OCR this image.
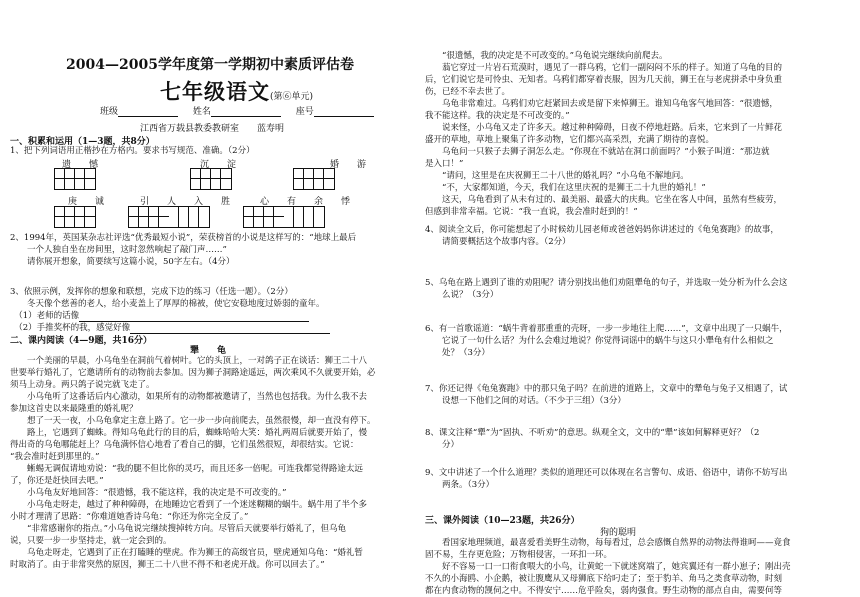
2004—2005学年度第一学期初中素质评估卷
七年级语文(第⑥单元)
班级	姓名	座号
江西省万载县教委教研室　　蓝寿明
一、积累和运用（1—3题，共8分）
1、把下列词语用正楷抄在方格内。要求书写规范、准确。（2分）
遗　　憾	沉　　淀	婚　　游
庚　　诚	引　　人　　入　　胜	心　　有　　余　　悸
2、1994年，英国某杂志社评选“优秀最短小说”，荣获榜首的小说是这样写的：“地球上最后
　　一个人独自坐在房间里，这时忽然响起了敲门声……”
　　请你展开想象，简要续写这篇小说，50字左右。（4分）
3、依照示例，发挥你的想象和联想，完成下边的练习（任选一题）。（2分）
　　冬天像个慈善的老人，给小麦盖上了厚厚的棉被，使它安稳地度过娇弱的童年。
　（1）老师的话像
　（2）手推奖杯的我，感觉好像
二、课内阅读（4—9题，共16分）
犟　　龟
　　一个美丽的早晨，小乌龟坐在洞前气着树叶。它的头顶上，一对鸽子正在谈话：狮王二十八
世要举行婚礼了，它邀请所有的动物前去参加。因为狮子洞路途遥远，两次乘风不久就要开始，必
须马上动身。两只鸽子说完就飞走了。
　　小乌龟听了这番话后内心激动，如果所有的动物都被邀请了，当然也包括我。为什么我不去
参加这首史以来最隆重的婚礼呢？
　　想了一天一夜，小乌龟拿定主意上路了。它一步一步向前爬去，虽然很慢，却一直没有停下。
　　路上，它遇到了蜘蛛。得知乌龟此行的目的后，蜘蛛哈哈大笑：婚礼两周后就要开始了，慢
得出奇的乌龟哪能赶上？乌龟满怀信心地看了看自己的脚，它们虽然很短，却很结实。它说：
“我会准时赶到那里的。”
　　蜥蜴无调侃请地劝说：“我的腿不但比你的灵巧，而且还多一倍呢。可连我都觉得路途太远
了，你还是赶快回去吧。”
　　小乌龟友好地回答：“很遗憾，我不能这样，我的决定是不可改变的。”
　　小乌龟走呀走，越过了种种障碍，在地睡边它看到了一个迷迷糊糊的蜗牛。蜗牛用了半个多
小时才理清了思路：“你难道她香诗乌龟：“你还为你完全反了。”
　　“非常感谢你的指点。”小乌龟说完继续搜掉转方向。尽管后天就要举行婚礼了，但乌龟
说，只要一步一步坚持走，就一定会到的。
　　乌龟走呀走，它遇到了正在打瞌睡的壁虎。作为狮王的高级官员，壁虎通知乌龟：“婚礼暂
时取消了。由于非常突然的原因，狮王二十八世不得不和老虎开战。你可以回去了。”
　　“很遗憾，我的决定是不可改变的。”乌龟说完继续向前爬去。
　　蓊它穿过一片岩石荒漠时，遇见了一群乌鸦，它们一副闷闷不乐的样子。知道了乌龟的目的
后，它们说它是可怜虫、无知者。乌鸦们都穿着丧服，因为几天前，狮王在与老虎拼杀中身负重
伤，已经不幸去世了。
　　乌龟非常难过。乌鸦们劝它赶紧回去或是留下来悼狮王。谁知乌龟客气地回答：“很遗憾，
我不能这样。我的决定是不可改变的。”
　　说来怪，小乌龟又走了许多天。越过种种障碍，日夜不停地赶路。后来，它来到了一片鲜花
盛开的草地，草地上聚集了许多动物，它们都兴高采烈，充满了期待的喜悦。
　　乌龟问一只猴子去狮子洞怎么走。“你现在不就站在洞口前面吗？”小猴子叫道：“那边就
是入口！”
　　“请问，这里是在庆祝狮王二十八世的婚礼吗？”小乌龟不解地问。
　　“不，大家都知道，今天，我们在这里庆祝的是狮王二十九世的婚礼！”
　　这天，乌龟看到了从未有过的、最美丽、最盛大的庆典。它坐在客人中间，虽然有些疲劳，
但感到非常幸福。它说：“我一直说，我会准时赶到的！”
4、阅读全文后，你可能想起了小时候幼儿园老师或爸爸妈妈你讲述过的《龟兔赛跑》的故事，
　　请简要概括这个故事内容。（2分）
5、乌龟在路上遇到了谁的劝阻呢？请分别找出他们劝阻犟龟的句子，并选取一处分析为什么会这
　　么说？（3分）
6、有一首歌谣道：“蜗牛背着那重重的壳呀，一步一步地往上爬……”，文章中出现了一只蜗牛，
　　它说了一句什么话？为什么会难过地说？你觉得词谣中的蜗牛与这只小犟龟有什么相似之
　　处？（3分）
7、你还记得《龟兔赛跑》中的那只兔子吗？在前进的道路上，文章中的犟龟与兔子又相遇了，试
　　设想一下他们之间的对话。（不少于三组）（3分）
8、课文注释“犟”为“固执、不听劝”的意思。纵观全文，文中的“犟”该如何解释更好？（2
　　分）
9、文中讲述了一个什么道理？类似的道理还可以体现在名言警句、成语、俗语中，请你不妨写出
　　两条。（3分）
三、课外阅读（10—23题，共26分）
狗的聪明
　　看国家地理频道，最喜爱看美野生动物，每每看过，总会感慨自然界的动物法得谁呵——竟食
固不易，生存更危险；万物相侵害，一环扣一环。
　　好不容易一口一口衔食喂大的小鸟，让黄蛇一下就迷窝端了，她宾翼还有一群小崽子；刚出壳
不久的小海鸥、小企鹅，被让腹鹰从又母狮底下给叼走了；至于豹羊、角马之类食草动物，时刻
都在内食动物的觊伺之中。不得安宁……危乎险矣，弱肉强食。野生动物的部点自由，需要何等
